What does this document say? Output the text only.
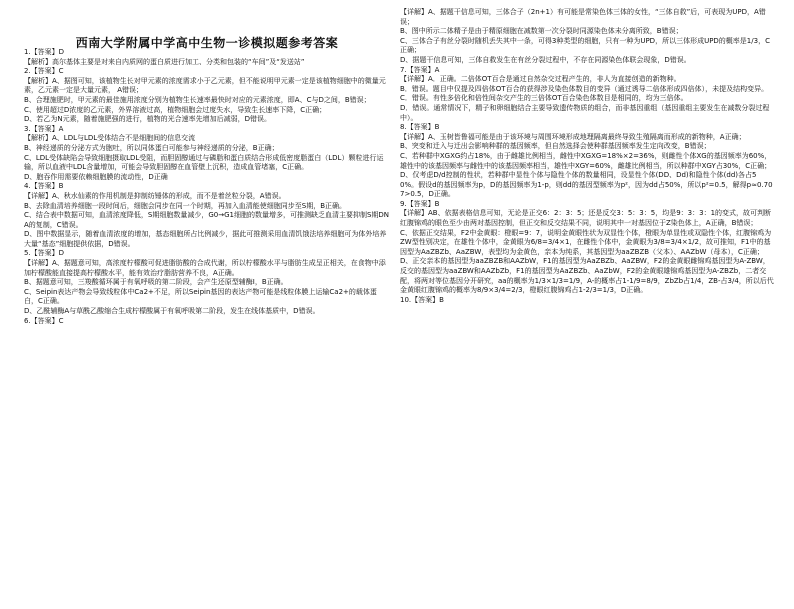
西南大学附属中学高中生物一诊模拟题参考答案

1.【答案】D

【解析】高尔基体主要是对来自内质网的蛋白质进行加工、分类和包装的“车间”及“发送站”

2.【答案】C

【解析】A、据图可知，该植物生长对甲元素的浓度需求小于乙元素，但不能说明甲元素一定是该植物细胞中的微量元素，乙元素一定是大量元素， A错误；

B、合理施肥时，甲元素的最佳施用浓度分别为植物生长速率最快时对应的元素浓度，即A、C与D之间，B错误；

C、使用超过D浓度的乙元素，外界溶液过高，植物细胞会过度失水，导致生长速率下降，C正确；

D、若乙为N元素，随着施肥强的进行，植物的光合速率先增加后减弱，D错误。

3.【答案】A

【解析】A、LDL与LDL受体结合不是细胞间的信息交流

B、神经递质的分泌方式为胞吐，所以同体蛋白可能参与神经递质的分泌，B正确；

C、LDL受体缺陷会导致细胞摄取LDL受阻，而胆固醇通过与磷脂和蛋白质结合形成低密度脂蛋白（LDL）颗粒进行运输，所以血液中LDL含量增加，可能会导致胆固醇在血管壁上沉积，造成血管堵塞，C正确。

D、胞吞作用需要依赖细胞膜的流动性，D正确

4.【答案】B

【详解】A、秋水仙素的作用机制是抑制纺锤体的形成，而不是着丝粒分裂，A错误。

B、去除血清培养细胞一段时间后，细胞会同步在同一个时期，再加入血清能使细胞同步至S期，B正确。

C、结合表中数据可知，血清浓度降低，S期细胞数量减少，G0→G1细胞的数量增多，可推测缺乏血清主要抑制S期DNA的复制，C错误。

D、图中数据显示，随着血清浓度的增加，基态细胞所占比例减少，据此可推测采用血清饥饿法培养细胞可为体外培养大量“基态”细胞提供依据，D错误。

5.【答案】D

【详解】A、据题意可知，高浓度柠檬酸可促进脂肪酸的合成代谢，所以柠檬酸水平与脂肪生成呈正相关，在食物中添加柠檬酸能直接提高柠檬酸水平，能有效治疗脂肪营养不良，A正确。

B、据题意可知，三羧酸循环属于有氧呼吸的第二阶段，会产生还原型辅酶Ⅰ，B正确。

C、Seipin表达产物会导致线粒体中Ca2+不足，所以Seipin基因的表达产物可能是线粒体膜上运输Ca2+的载体蛋白，C正确。

D、乙酰辅酶A与草酰乙酸缩合生成柠檬酸属于有氧呼吸第二阶段，发生在线体基质中，D错误。

6.【答案】C

【详解】A、据题干信息可知，三体合子（2n+1）有可能是常染色体三体的女性，“三体自救”后，可表现为UPD，A错误；

B、图中所示二体精子是由于精原细胞在减数第一次分裂时同源染色体未分离所致，B错误；

C、三体合子有丝分裂时随机丢失其中一条，可得3种类型的细胞，只有一种为UPD，所以三体形成UPD的概率是1/3，C正确；

D、据题干信息可知，三体自救发生在有丝分裂过程中，不存在同源染色体联会现象，D错误。

7.【答案】A

【详解】A．正确。二倍体OT百合是通过自然杂交过程产生的，非人为直接创造的新物种。

B．错误。题目中仅提及四倍体OT百合的获得涉及染色体数目的变异（通过诱导二倍体形成四倍体），未提及结构变异。

C．错误。有性多倍化和倍性间杂交产生的三倍体OT百合染色体数目是相同的，均为三倍体。

D．错误。通常情况下，精子和卵细胞结合主要导致遗传物质的组合，而非基因重组（基因重组主要发生在减数分裂过程中）。

8.【答案】B

【详解】A、玉树皆鲁福可能是由于该环境与周围环境形成地理隔离最终导致生殖隔离而形成的新物种，A正确；

B、突变和迁入与迁出会影响种群的基因频率，但自然选择会使种群基因频率发生定向改变，B错误；

C、若种群中XGXG约占18%，由于雌雄比例相当，雌性中XGXG=18%×2=36%，则雌性个体XG的基因频率为60%，雄性中的该基因频率与雌性中的该基因频率相当，雄性中XGY=60%，雌雄比例相当，所以种群中XGY占30%，C正确；

D、仅考虑D/d控制的性状，若种群中显性个体与隐性个体的数量相同，设显性个体(DD、Dd)和隐性个体(dd)各占50%。假设d的基因频率为p，D的基因频率为1-p，则dd的基因型频率为p²，因为dd占50%，所以p²=0.5，解得p≈0.707>0.5，D正确。

9.【答案】B

【详解】AB、依据表格信息可知，无论是正交6：2：3：5；还是反交3：5：3：5，均是9：3：3：1的变式，故可判断红腹锦鸡的眼色至少由两对基因控制，但正交和反交结果不同，说明其中一对基因位于Z染色体上，A正确，B错误；

C、依据正交结果，F2中金黄眼：橙眼=9：7，说明金黄眼性状为双显性个体，橙眼为单显性或双隐性个体，红腹锦鸡为ZW型性别决定，在雄性个体中，金黄眼为6/8=3/4×1，在雌性个体中，金黄眼为3/8=3/4×1/2，故可推知，F1中的基因型为AaZBZb、AaZBW，表型均为金黄色，亲本为纯系，其基因型为aaZBZB（父本）、AAZbW（母本），C正确；

D、正交亲本的基因型为aaZBZB和AAZbW，F1的基因型为AaZBZb、AaZBW，F2的金黄眼雌锦鸡基因型为A-ZBW，反交的基因型为aaZBW和AAZbZb，F1的基因型为AaZBZb、AaZbW，F2的金黄眼雄锦鸡基因型为A-ZBZb，二者交配，将两对等位基因分开研究，aa的概率为1/3×1/3=1/9，A-的概率占1-1/9=8/9，ZbZb占1/4，ZB-占3/4，所以后代金黄眼红腹锦鸡的概率为8/9×3/4=2/3，橙眼红腹锦鸡占1-2/3=1/3，D正确。

10.【答案】B
